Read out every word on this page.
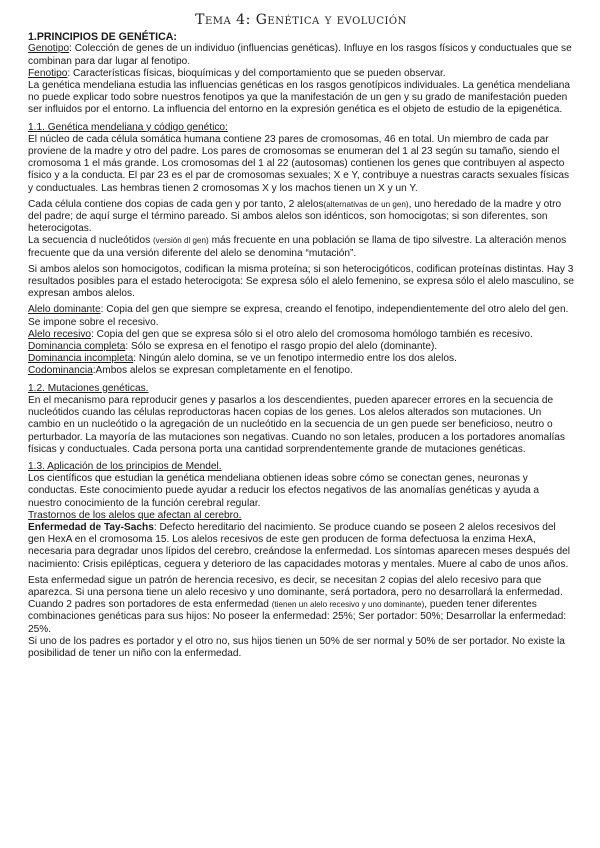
Tema 4: Genética y evolución
1.PRINCIPIOS DE GENÉTICA:

Genotipo: Colección de genes de un individuo (influencias genéticas). Influye en los rasgos físicos y conductuales que se combinan para dar lugar al fenotipo.

Fenotipo: Características físicas, bioquímicas y del comportamiento que se pueden observar.

La genética mendeliana estudia las influencias genéticas en los rasgos genotípicos individuales. La genética mendeliana no puede explicar todo sobre nuestros fenotipos ya que la manifestación de un gen y su grado de manifestación pueden ser influidos por el entorno. La influencia del entorno en la expresión genética es el objeto de estudio de la epigenética.

1.1. Genética mendeliana y código genético:

El núcleo de cada célula somática humana contiene 23 pares de cromosomas, 46 en total. Un miembro de cada par proviene de la madre y otro del padre. Los pares de cromosomas se enumeran del 1 al 23 según su tamaño, siendo el cromosoma 1 el más grande. Los cromosomas del 1 al 22 (autosomas) contienen los genes que contribuyen al aspecto físico y a la conducta. El par 23 es el par de cromosomas sexuales; X e Y, contribuye a nuestras caracts sexuales físicas y conductuales. Las hembras tienen 2 cromosomas X y los machos tienen un X y un Y.

Cada célula contiene dos copias de cada gen y por tanto, 2 alelos(alternativas de un gen), uno heredado de la madre y otro del padre; de aquí surge el término pareado. Si ambos alelos son idénticos, son homocigotas; si son diferentes, son heterocigotas.

La secuencia d nucleótidos (versión dl gen) más frecuente en una población se llama de tipo silvestre. La alteración menos frecuente que da una versión diferente del alelo se denomina “mutación”.

Si ambos alelos son homocigotos, codifican la misma proteína; si son heterocigóticos, codifican proteínas distintas. Hay 3 resultados posibles para el estado heterocigota: Se expresa sólo el alelo femenino, se expresa sólo el alelo masculino, se expresan ambos alelos.

Alelo dominante: Copia del gen que siempre se expresa, creando el fenotipo, independientemente del otro alelo del gen. Se impone sobre el recesivo.

Alelo recesivo: Copia del gen que se expresa sólo si el otro alelo del cromosoma homólogo también es recesivo.

Dominancia completa: Sólo se expresa en el fenotipo el rasgo propio del alelo (dominante).

Dominancia incompleta: Ningún alelo domina, se ve un fenotipo intermedio entre los dos alelos.

Codominancia:Ambos alelos se expresan completamente en el fenotipo.

1.2. Mutaciones genéticas.

En el mecanismo para reproducir genes y pasarlos a los descendientes, pueden aparecer errores en la secuencia de nucleótidos cuando las células reproductoras hacen copias de los genes. Los alelos alterados son mutaciones. Un cambio en un nucleótido o la agregación de un nucleótido en la secuencia de un gen puede ser beneficioso, neutro o perturbador. La mayoría de las mutaciones son negativas. Cuando no son letales, producen a los portadores anomalías físicas y conductuales. Cada persona porta una cantidad sorprendentemente grande de mutaciones genéticas.

1.3. Aplicación de los principios de Mendel.

Los científicos que estudian la genética mendeliana obtienen ideas sobre cómo se conectan genes, neuronas y conductas. Este conocimiento puede ayudar a reducir los efectos negativos de las anomalías genéticas y ayuda a nuestro conocimiento de la función cerebral regular.

Trastornos de los alelos que afectan al cerebro.

Enfermedad de Tay-Sachs: Defecto hereditario del nacimiento. Se produce cuando se poseen 2 alelos recesivos del gen HexA en el cromosoma 15. Los alelos recesivos de este gen producen de forma defectuosa la enzima HexA, necesaria para degradar unos lípidos del cerebro, creándose la enfermedad. Los síntomas aparecen meses después del nacimiento: Crisis epilépticas, ceguera y deterioro de las capacidades motoras y mentales. Muere al cabo de unos años.

Esta enfermedad sigue un patrón de herencia recesivo, es decir, se necesitan 2 copias del alelo recesivo para que aparezca. Si una persona tiene un alelo recesivo y uno dominante, será portadora, pero no desarrollará la enfermedad. Cuando 2 padres son portadores de esta enfermedad (tienen un alelo recesivo y uno dominante), pueden tener diferentes combinaciones genéticas para sus hijos: No poseer la enfermedad: 25%; Ser portador: 50%; Desarrollar la enfermedad: 25%.

Si uno de los padres es portador y el otro no, sus hijos tienen un 50% de ser normal y 50% de ser portador. No existe la posibilidad de tener un niño con la enfermedad.
